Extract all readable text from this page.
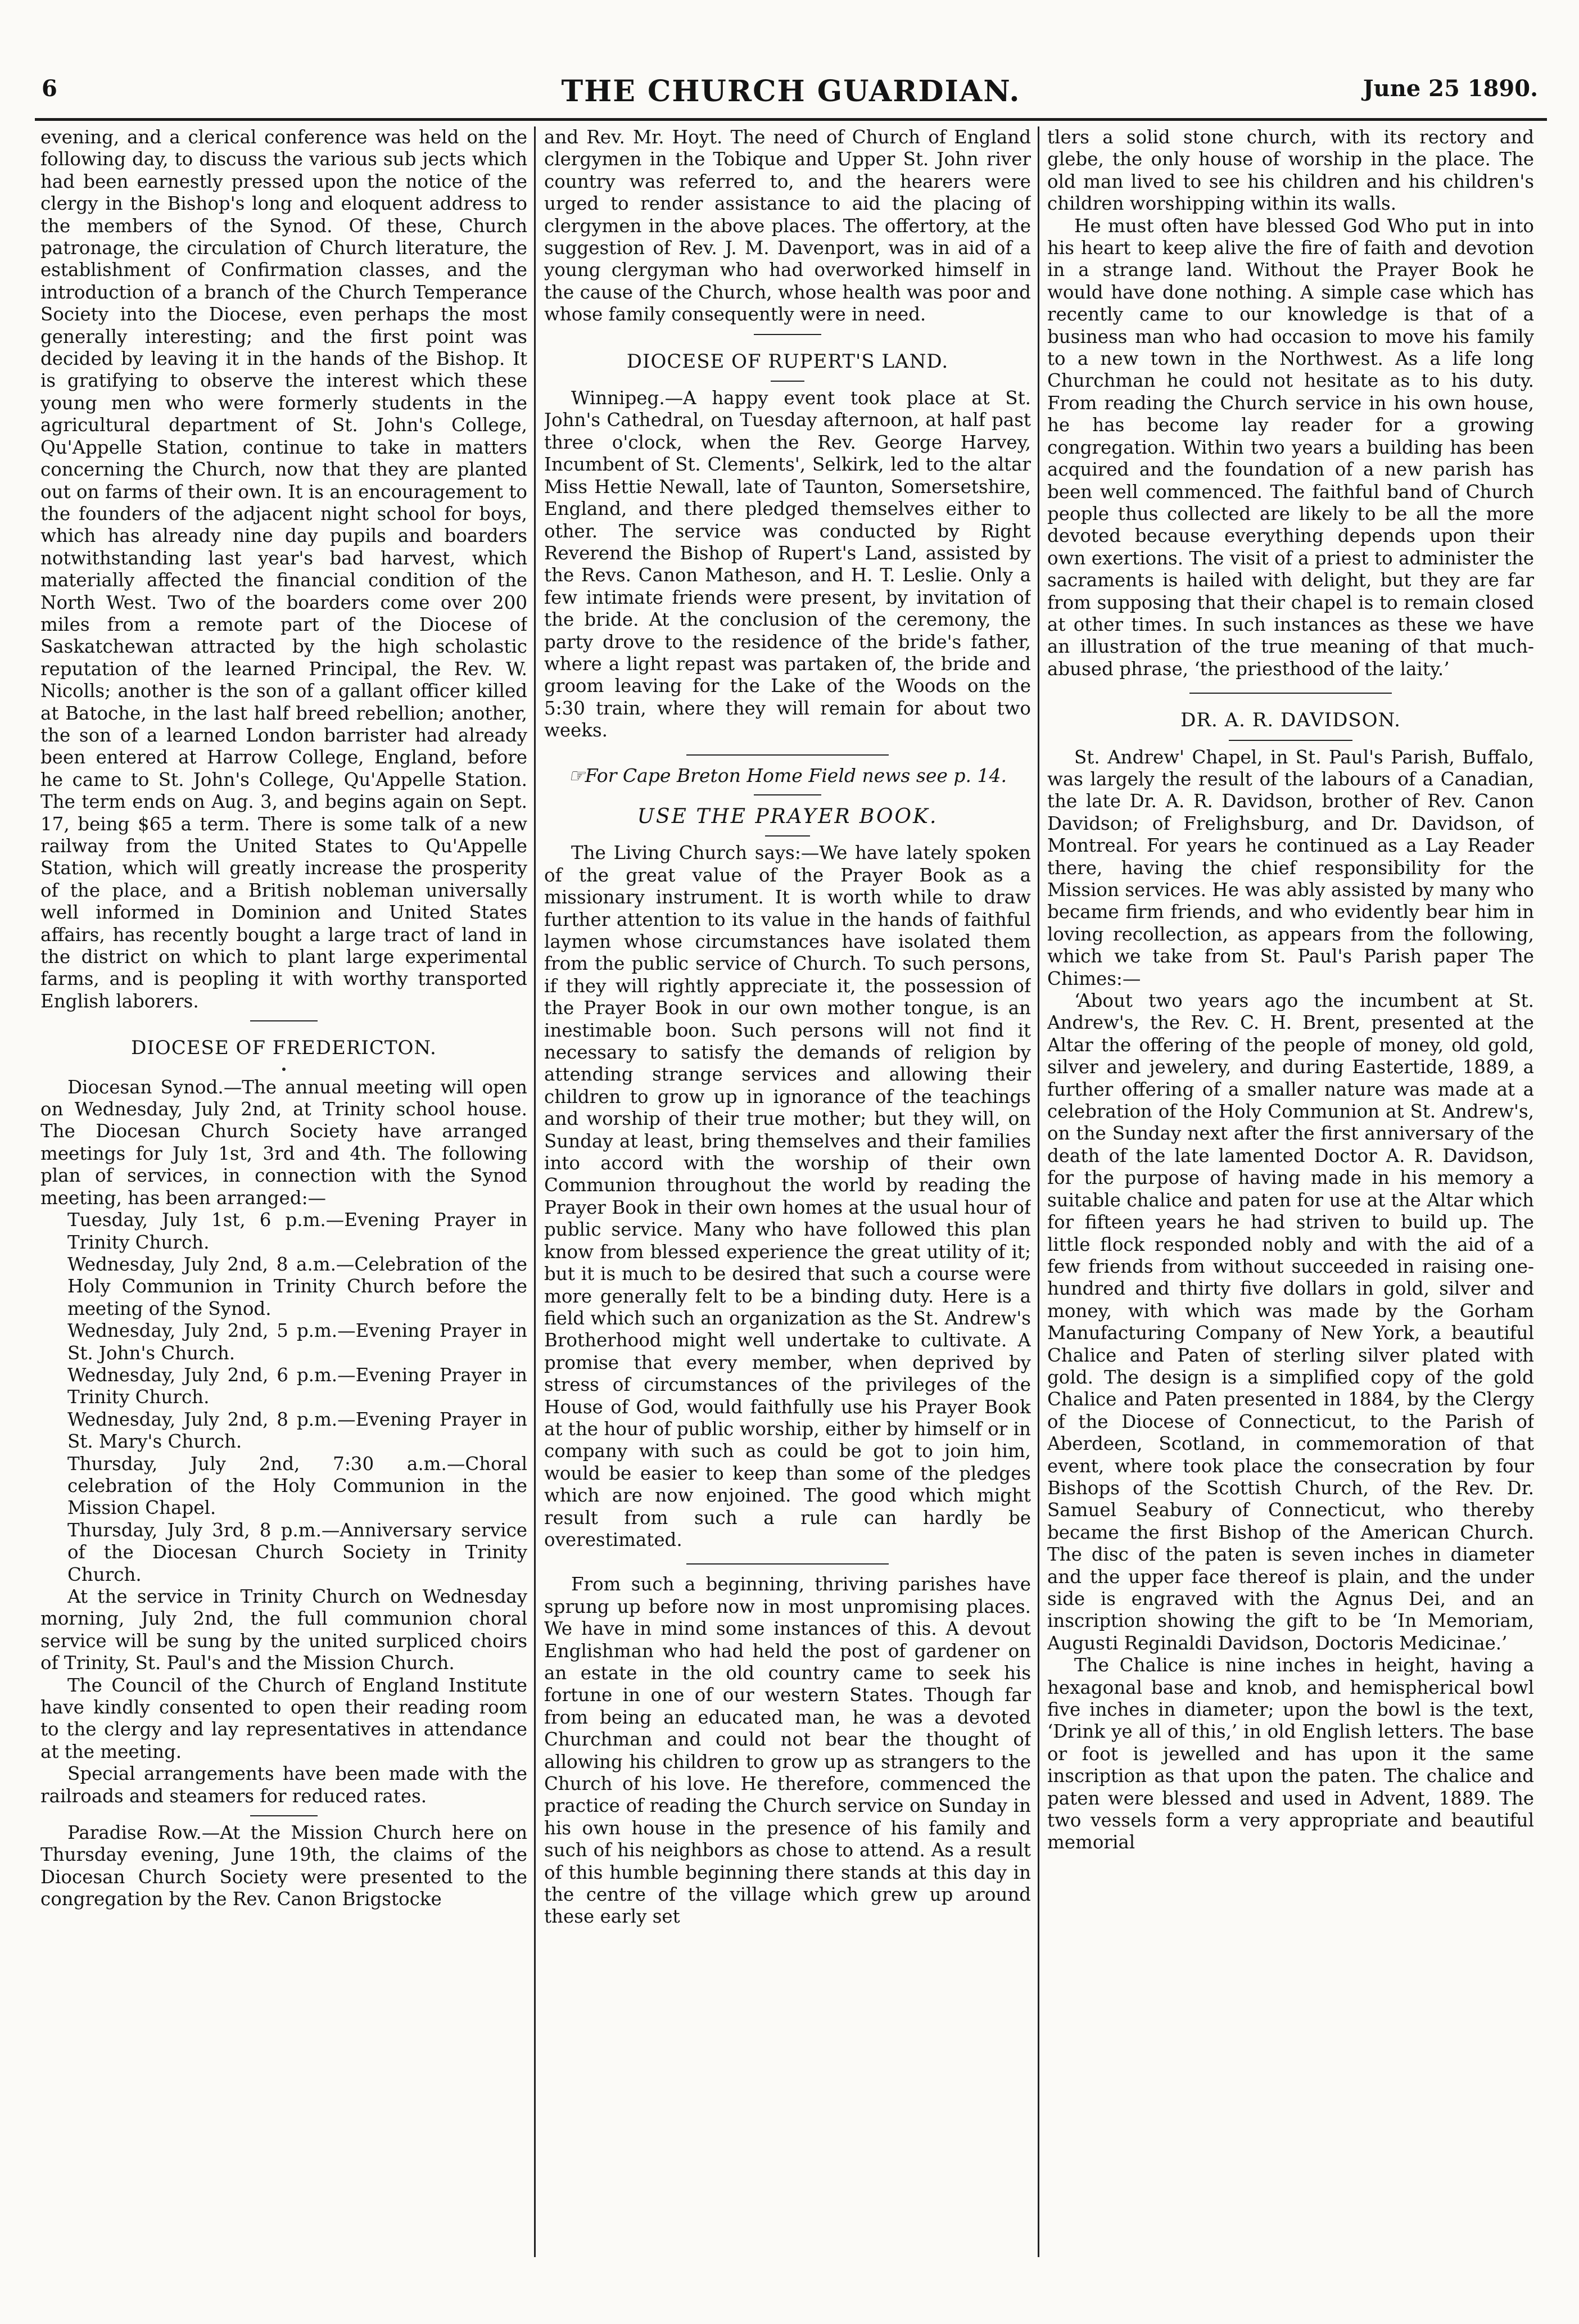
6	THE CHURCH GUARDIAN.	June 25 1890.

evening, and a clerical conference was held on the following day, to discuss the various sub jects which had been earnestly pressed upon the notice of the clergy in the Bishop's long and eloquent address to the members of the Synod. Of these, Church patronage, the circulation of Church literature, the establishment of Confirmation classes, and the introduction of a branch of the Church Temperance Society into the Diocese, even perhaps the most generally interesting; and the first point was decided by leaving it in the hands of the Bishop. It is gratifying to observe the interest which these young men who were formerly students in the agricultural department of St. John's College, Qu'Appelle Station, continue to take in matters concerning the Church, now that they are planted out on farms of their own. It is an encouragement to the founders of the adjacent night school for boys, which has already nine day pupils and boarders notwithstanding last year's bad harvest, which materially affected the financial condition of the North West. Two of the boarders come over 200 miles from a remote part of the Diocese of Saskatchewan attracted by the high scholastic reputation of the learned Principal, the Rev. W. Nicolls; another is the son of a gallant officer killed at Batoche, in the last half breed rebellion; another, the son of a learned London barrister had already been entered at Harrow College, England, before he came to St. John's College, Qu'Appelle Station. The term ends on Aug. 3, and begins again on Sept. 17, being $65 a term. There is some talk of a new railway from the United States to Qu'Appelle Station, which will greatly increase the prosperity of the place, and a British nobleman universally well informed in Dominion and United States affairs, has recently bought a large tract of land in the district on which to plant large experimental farms, and is peopling it with worthy transported English laborers.

DIOCESE OF FREDERICTON.

Diocesan Synod.—The annual meeting will open on Wednesday, July 2nd, at Trinity school house. The Diocesan Church Society have arranged meetings for July 1st, 3rd and 4th. The following plan of services, in connection with the Synod meeting, has been arranged:—

Tuesday, July 1st, 6 p.m.—Evening Prayer in Trinity Church.

Wednesday, July 2nd, 8 a.m.—Celebration of the Holy Communion in Trinity Church before the meeting of the Synod.

Wednesday, July 2nd, 5 p.m.—Evening Prayer in St. John's Church.

Wednesday, July 2nd, 6 p.m.—Evening Prayer in Trinity Church.

Wednesday, July 2nd, 8 p.m.—Evening Prayer in St. Mary's Church.

Thursday, July 2nd, 7:30 a.m.—Choral celebration of the Holy Communion in the Mission Chapel.

Thursday, July 3rd, 8 p.m.—Anniversary service of the Diocesan Church Society in Trinity Church.

At the service in Trinity Church on Wednesday morning, July 2nd, the full communion choral service will be sung by the united surpliced choirs of Trinity, St. Paul's and the Mission Church.

The Council of the Church of England Institute have kindly consented to open their reading room to the clergy and lay representatives in attendance at the meeting.

Special arrangements have been made with the railroads and steamers for reduced rates.

Paradise Row.—At the Mission Church here on Thursday evening, June 19th, the claims of the Diocesan Church Society were presented to the congregation by the Rev. Canon Brigstocke

and Rev. Mr. Hoyt. The need of Church of England clergymen in the Tobique and Upper St. John river country was referred to, and the hearers were urged to render assistance to aid the placing of clergymen in the above places. The offertory, at the suggestion of Rev. J. M. Davenport, was in aid of a young clergyman who had overworked himself in the cause of the Church, whose health was poor and whose family consequently were in need.

DIOCESE OF RUPERT'S LAND.

Winnipeg.—A happy event took place at St. John's Cathedral, on Tuesday afternoon, at half past three o'clock, when the Rev. George Harvey, Incumbent of St. Clements', Selkirk, led to the altar Miss Hettie Newall, late of Taunton, Somersetshire, England, and there pledged themselves either to other. The service was conducted by Right Reverend the Bishop of Rupert's Land, assisted by the Revs. Canon Matheson, and H. T. Leslie. Only a few intimate friends were present, by invitation of the bride. At the conclusion of the ceremony, the party drove to the residence of the bride's father, where a light repast was partaken of, the bride and groom leaving for the Lake of the Woods on the 5:30 train, where they will remain for about two weeks.

☞For Cape Breton Home Field news see p. 14.
USE THE PRAYER BOOK.

The Living Church says:—We have lately spoken of the great value of the Prayer Book as a missionary instrument. It is worth while to draw further attention to its value in the hands of faithful laymen whose circumstances have isolated them from the public service of Church. To such persons, if they will rightly appreciate it, the possession of the Prayer Book in our own mother tongue, is an inestimable boon. Such persons will not find it necessary to satisfy the demands of religion by attending strange services and allowing their children to grow up in ignorance of the teachings and worship of their true mother; but they will, on Sunday at least, bring themselves and their families into accord with the worship of their own Communion throughout the world by reading the Prayer Book in their own homes at the usual hour of public service. Many who have followed this plan know from blessed experience the great utility of it; but it is much to be desired that such a course were more generally felt to be a binding duty. Here is a field which such an organization as the St. Andrew's Brotherhood might well undertake to cultivate. A promise that every member, when deprived by stress of circumstances of the privileges of the House of God, would faithfully use his Prayer Book at the hour of public worship, either by himself or in company with such as could be got to join him, would be easier to keep than some of the pledges which are now enjoined. The good which might result from such a rule can hardly be overestimated.

From such a beginning, thriving parishes have sprung up before now in most unpromising places. We have in mind some instances of this. A devout Englishman who had held the post of gardener on an estate in the old country came to seek his fortune in one of our western States. Though far from being an educated man, he was a devoted Churchman and could not bear the thought of allowing his children to grow up as strangers to the Church of his love. He therefore, commenced the practice of reading the Church service on Sunday in his own house in the presence of his family and such of his neighbors as chose to attend. As a result of this humble beginning there stands at this day in the centre of the village which grew up around these early set

tlers a solid stone church, with its rectory and glebe, the only house of worship in the place. The old man lived to see his children and his children's children worshipping within its walls.

He must often have blessed God Who put in into his heart to keep alive the fire of faith and devotion in a strange land. Without the Prayer Book he would have done nothing. A simple case which has recently came to our knowledge is that of a business man who had occasion to move his family to a new town in the Northwest. As a life long Churchman he could not hesitate as to his duty. From reading the Church service in his own house, he has become lay reader for a growing congregation. Within two years a building has been acquired and the foundation of a new parish has been well commenced. The faithful band of Church people thus collected are likely to be all the more devoted because everything depends upon their own exertions. The visit of a priest to administer the sacraments is hailed with delight, but they are far from supposing that their chapel is to remain closed at other times. In such instances as these we have an illustration of the true meaning of that much-abused phrase, ‘the priesthood of the laity.’

DR. A. R. DAVIDSON.

St. Andrew' Chapel, in St. Paul's Parish, Buffalo, was largely the result of the labours of a Canadian, the late Dr. A. R. Davidson, brother of Rev. Canon Davidson; of Frelighsburg, and Dr. Davidson, of Montreal. For years he continued as a Lay Reader there, having the chief responsibility for the Mission services. He was ably assisted by many who became firm friends, and who evidently bear him in loving recollection, as appears from the following, which we take from St. Paul's Parish paper The Chimes:—

‘About two years ago the incumbent at St. Andrew's, the Rev. C. H. Brent, presented at the Altar the offering of the people of money, old gold, silver and jewelery, and during Eastertide, 1889, a further offering of a smaller nature was made at a celebration of the Holy Communion at St. Andrew's, on the Sunday next after the first anniversary of the death of the late lamented Doctor A. R. Davidson, for the purpose of having made in his memory a suitable chalice and paten for use at the Altar which for fifteen years he had striven to build up. The little flock responded nobly and with the aid of a few friends from without succeeded in raising one-hundred and thirty five dollars in gold, silver and money, with which was made by the Gorham Manufacturing Company of New York, a beautiful Chalice and Paten of sterling silver plated with gold. The design is a simplified copy of the gold Chalice and Paten presented in 1884, by the Clergy of the Diocese of Connecticut, to the Parish of Aberdeen, Scotland, in commemoration of that event, where took place the consecration by four Bishops of the Scottish Church, of the Rev. Dr. Samuel Seabury of Connecticut, who thereby became the first Bishop of the American Church. The disc of the paten is seven inches in diameter and the upper face thereof is plain, and the under side is engraved with the Agnus Dei, and an inscription showing the gift to be ‘In Memoriam, Augusti Reginaldi Davidson, Doctoris Medicinae.’

The Chalice is nine inches in height, having a hexagonal base and knob, and hemispherical bowl five inches in diameter; upon the bowl is the text, ‘Drink ye all of this,’ in old English letters. The base or foot is jewelled and has upon it the same inscription as that upon the paten. The chalice and paten were blessed and used in Advent, 1889. The two vessels form a very appropriate and beautiful memorial
